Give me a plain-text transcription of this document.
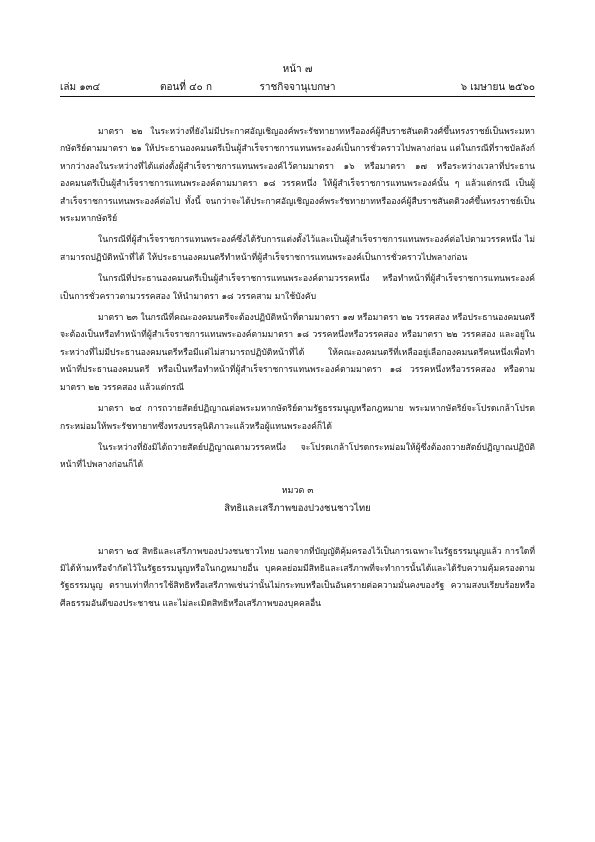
หน้า ๗
เล่ม ๑๓๔	ตอนที่ ๔๐ ก	ราชกิจจานุเบกษา	๖ เมษายน ๒๕๖๐

มาตรา ๒๒ ในระหว่างที่ยังไม่มีประกาศอัญเชิญองค์พระรัชทายาทหรือองค์ผู้สืบราชสันตติวงศ์ขึ้นทรงราชย์เป็นพระมหากษัตริย์ตามมาตรา ๒๑ ให้ประธานองคมนตรีเป็นผู้สำเร็จราชการแทนพระองค์เป็นการชั่วคราวไปพลางก่อน แต่ในกรณีที่ราชบัลลังก์หากว่างลงในระหว่างที่ได้แต่งตั้งผู้สำเร็จราชการแทนพระองค์ไว้ตามมาตรา ๑๖ หรือมาตรา ๑๗ หรือระหว่างเวลาที่ประธานองคมนตรีเป็นผู้สำเร็จราชการแทนพระองค์ตามมาตรา ๑๘ วรรคหนึ่ง ให้ผู้สำเร็จราชการแทนพระองค์นั้น ๆ แล้วแต่กรณี เป็นผู้สำเร็จราชการแทนพระองค์ต่อไป ทั้งนี้ จนกว่าจะได้ประกาศอัญเชิญองค์พระรัชทายาทหรือองค์ผู้สืบราชสันตติวงศ์ขึ้นทรงราชย์เป็นพระมหากษัตริย์

ในกรณีที่ผู้สำเร็จราชการแทนพระองค์ซึ่งได้รับการแต่งตั้งไว้และเป็นผู้สำเร็จราชการแทนพระองค์ต่อไปตามวรรคหนึ่ง ไม่สามารถปฏิบัติหน้าที่ได้ ให้ประธานองคมนตรีทำหน้าที่ผู้สำเร็จราชการแทนพระองค์เป็นการชั่วคราวไปพลางก่อน

ในกรณีที่ประธานองคมนตรีเป็นผู้สำเร็จราชการแทนพระองค์ตามวรรคหนึ่ง หรือทำหน้าที่ผู้สำเร็จราชการแทนพระองค์เป็นการชั่วคราวตามวรรคสอง ให้นำมาตรา ๑๘ วรรคสาม มาใช้บังคับ

มาตรา ๒๓ ในกรณีที่คณะองคมนตรีจะต้องปฏิบัติหน้าที่ตามมาตรา ๑๗ หรือมาตรา ๒๒ วรรคสอง หรือประธานองคมนตรีจะต้องเป็นหรือทำหน้าที่ผู้สำเร็จราชการแทนพระองค์ตามมาตรา ๑๘ วรรคหนึ่งหรือวรรคสอง หรือมาตรา ๒๒ วรรคสอง และอยู่ในระหว่างที่ไม่มีประธานองคมนตรีหรือมีแต่ไม่สามารถปฏิบัติหน้าที่ได้ ให้คณะองคมนตรีที่เหลืออยู่เลือกองคมนตรีคนหนึ่งเพื่อทำหน้าที่ประธานองคมนตรี หรือเป็นหรือทำหน้าที่ผู้สำเร็จราชการแทนพระองค์ตามมาตรา ๑๘ วรรคหนึ่งหรือวรรคสอง หรือตามมาตรา ๒๒ วรรคสอง แล้วแต่กรณี

มาตรา ๒๔ การถวายสัตย์ปฏิญาณต่อพระมหากษัตริย์ตามรัฐธรรมนูญหรือกฎหมาย พระมหากษัตริย์จะโปรดเกล้าโปรดกระหม่อมให้พระรัชทายาทซึ่งทรงบรรลุนิติภาวะแล้วหรือผู้แทนพระองค์ก็ได้

ในระหว่างที่ยังมิได้ถวายสัตย์ปฏิญาณตามวรรคหนึ่ง จะโปรดเกล้าโปรดกระหม่อมให้ผู้ซึ่งต้องถวายสัตย์ปฏิญาณปฏิบัติหน้าที่ไปพลางก่อนก็ได้

หมวด ๓
สิทธิและเสรีภาพของปวงชนชาวไทย

มาตรา ๒๕ สิทธิและเสรีภาพของปวงชนชาวไทย นอกจากที่บัญญัติคุ้มครองไว้เป็นการเฉพาะในรัฐธรรมนูญแล้ว การใดที่มิได้ห้ามหรือจำกัดไว้ในรัฐธรรมนูญหรือในกฎหมายอื่น บุคคลย่อมมีสิทธิและเสรีภาพที่จะทำการนั้นได้และได้รับความคุ้มครองตามรัฐธรรมนูญ ตราบเท่าที่การใช้สิทธิหรือเสรีภาพเช่นว่านั้นไม่กระทบหรือเป็นอันตรายต่อความมั่นคงของรัฐ ความสงบเรียบร้อยหรือศีลธรรมอันดีของประชาชน และไม่ละเมิดสิทธิหรือเสรีภาพของบุคคลอื่น
